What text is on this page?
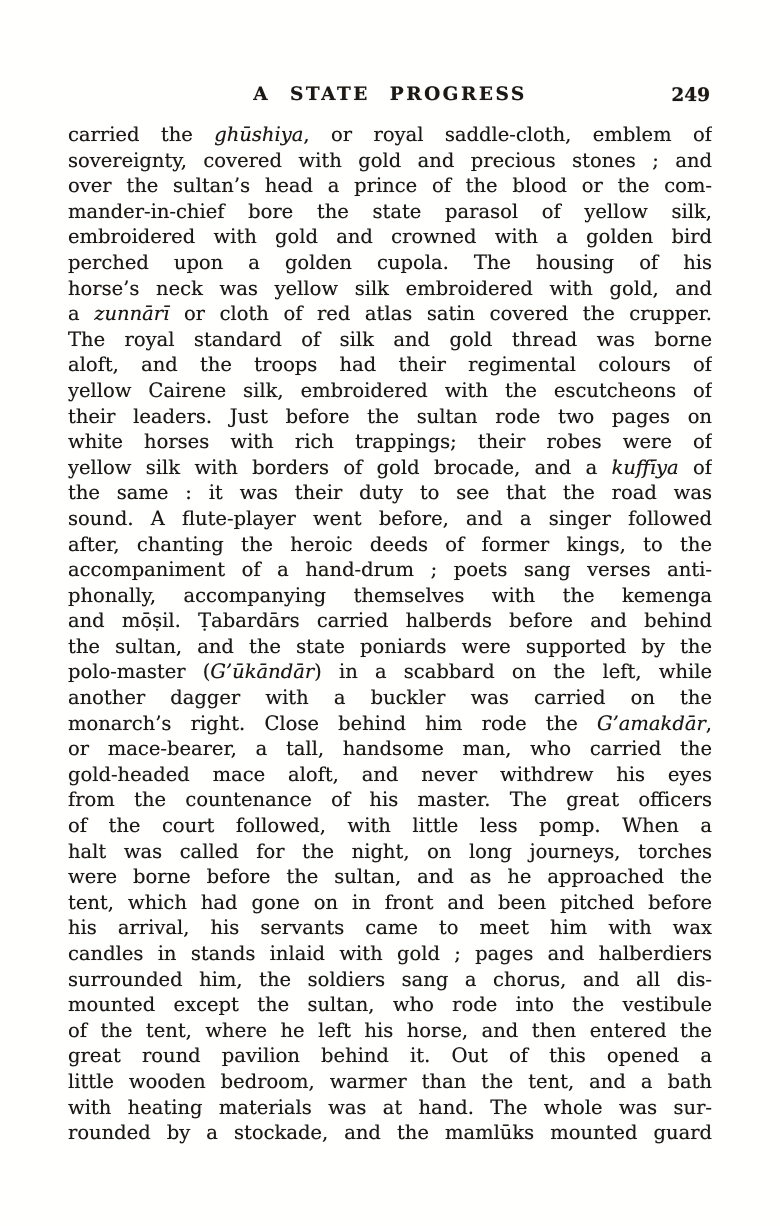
A STATE PROGRESS	249
carried the ghūshiya, or royal saddle-cloth, emblem of
sovereignty, covered with gold and precious stones ; and
over the sultan’s head a prince of the blood or the com-
mander-in-chief bore the state parasol of yellow silk,
embroidered with gold and crowned with a golden bird
perched upon a golden cupola. The housing of his
horse’s neck was yellow silk embroidered with gold, and
a zunnārī or cloth of red atlas satin covered the crupper.
The royal standard of silk and gold thread was borne
aloft, and the troops had their regimental colours of
yellow Cairene silk, embroidered with the escutcheons of
their leaders. Just before the sultan rode two pages on
white horses with rich trappings; their robes were of
yellow silk with borders of gold brocade, and a kuffīya of
the same : it was their duty to see that the road was
sound. A flute-player went before, and a singer followed
after, chanting the heroic deeds of former kings, to the
accompaniment of a hand-drum ; poets sang verses anti-
phonally, accompanying themselves with the kemenga
and mōṣil. Ṭabardārs carried halberds before and behind
the sultan, and the state poniards were supported by the
polo-master (G’ūkāndār) in a scabbard on the left, while
another dagger with a buckler was carried on the
monarch’s right. Close behind him rode the G’amakdār,
or mace-bearer, a tall, handsome man, who carried the
gold-headed mace aloft, and never withdrew his eyes
from the countenance of his master. The great officers
of the court followed, with little less pomp. When a
halt was called for the night, on long journeys, torches
were borne before the sultan, and as he approached the
tent, which had gone on in front and been pitched before
his arrival, his servants came to meet him with wax
candles in stands inlaid with gold ; pages and halberdiers
surrounded him, the soldiers sang a chorus, and all dis-
mounted except the sultan, who rode into the vestibule
of the tent, where he left his horse, and then entered the
great round pavilion behind it. Out of this opened a
little wooden bedroom, warmer than the tent, and a bath
with heating materials was at hand. The whole was sur-
rounded by a stockade, and the mamlūks mounted guard
